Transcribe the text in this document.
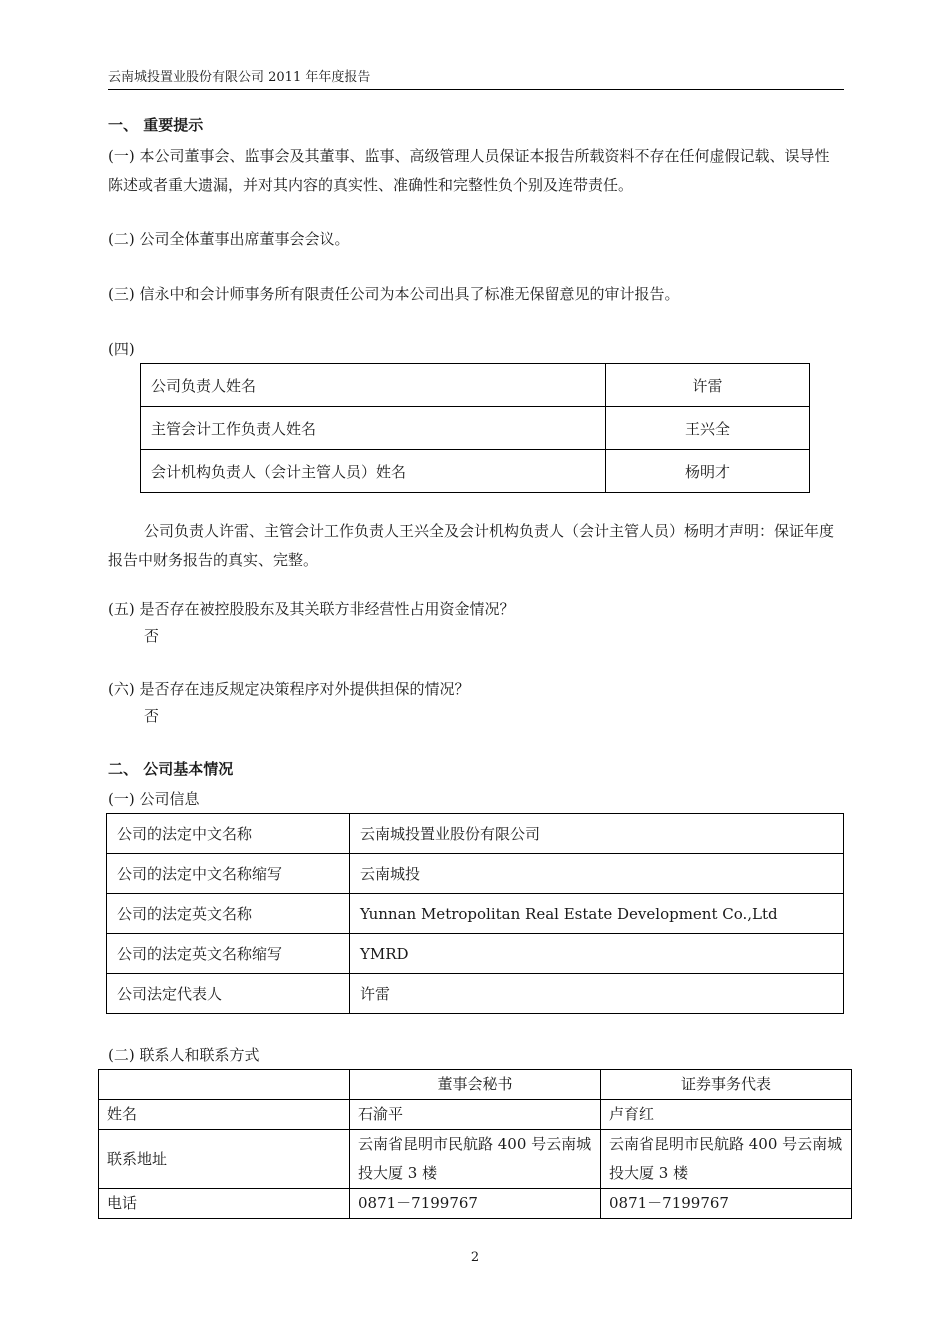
云南城投置业股份有限公司 2011 年年度报告
一、 重要提示
(一) 本公司董事会、监事会及其董事、监事、高级管理人员保证本报告所载资料不存在任何虚假记载、误导性陈述或者重大遗漏，并对其内容的真实性、准确性和完整性负个别及连带责任。
(二) 公司全体董事出席董事会会议。
(三) 信永中和会计师事务所有限责任公司为本公司出具了标准无保留意见的审计报告。
(四)
公司负责人姓名	许雷
主管会计工作负责人姓名	王兴全
会计机构负责人（会计主管人员）姓名	杨明才
公司负责人许雷、主管会计工作负责人王兴全及会计机构负责人（会计主管人员）杨明才声明：保证年度报告中财务报告的真实、完整。
(五) 是否存在被控股股东及其关联方非经营性占用资金情况？
否
(六) 是否存在违反规定决策程序对外提供担保的情况？
否
二、 公司基本情况
(一) 公司信息
公司的法定中文名称	云南城投置业股份有限公司
公司的法定中文名称缩写	云南城投
公司的法定英文名称	Yunnan Metropolitan Real Estate Development Co.,Ltd
公司的法定英文名称缩写	YMRD
公司法定代表人	许雷
(二) 联系人和联系方式
	董事会秘书	证券事务代表
姓名	石渝平	卢育红
联系地址	云南省昆明市民航路 400 号云南城投大厦 3 楼	云南省昆明市民航路 400 号云南城投大厦 3 楼
电话	0871－7199767	0871－7199767
2
